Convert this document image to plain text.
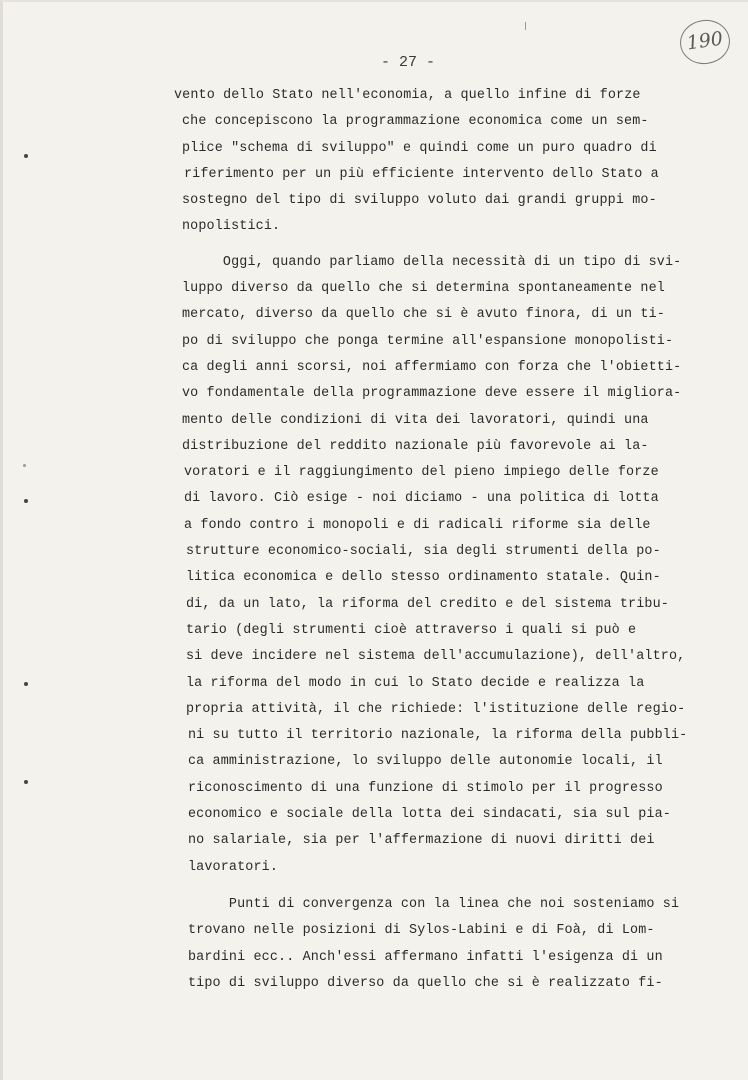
- 27 -
190
vento dello Stato nell'economia, a quello infine di forze
che concepiscono la programmazione economica come un sem-
plice "schema di sviluppo" e quindi come un puro quadro di
riferimento per un più efficiente intervento dello Stato a
sostegno del tipo di sviluppo voluto dai grandi gruppi mo-
nopolistici.
Oggi, quando parliamo della necessità di un tipo di svi-
luppo diverso da quello che si determina spontaneamente nel
mercato, diverso da quello che si è avuto finora, di un ti-
po di sviluppo che ponga termine all'espansione monopolisti-
ca degli anni scorsi, noi affermiamo con forza che l'obietti-
vo fondamentale della programmazione deve essere il migliora-
mento delle condizioni di vita dei lavoratori, quindi una
distribuzione del reddito nazionale più favorevole ai la-
voratori e il raggiungimento del pieno impiego delle forze
di lavoro. Ciò esige - noi diciamo - una politica di lotta
a fondo contro i monopoli e di radicali riforme sia delle
strutture economico-sociali, sia degli strumenti della po-
litica economica e dello stesso ordinamento statale. Quin-
di, da un lato, la riforma del credito e del sistema tribu-
tario (degli strumenti cioè attraverso i quali si può e
si deve incidere nel sistema dell'accumulazione), dell'altro,
la riforma del modo in cui lo Stato decide e realizza la
propria attività, il che richiede: l'istituzione delle regio-
ni su tutto il territorio nazionale, la riforma della pubbli-
ca amministrazione, lo sviluppo delle autonomie locali, il
riconoscimento di una funzione di stimolo per il progresso
economico e sociale della lotta dei sindacati, sia sul pia-
no salariale, sia per l'affermazione di nuovi diritti dei
lavoratori.
Punti di convergenza con la linea che noi sosteniamo si
trovano nelle posizioni di Sylos-Labini e di Foà, di Lom-
bardini ecc.. Anch'essi affermano infatti l'esigenza di un
tipo di sviluppo diverso da quello che si è realizzato fi-
